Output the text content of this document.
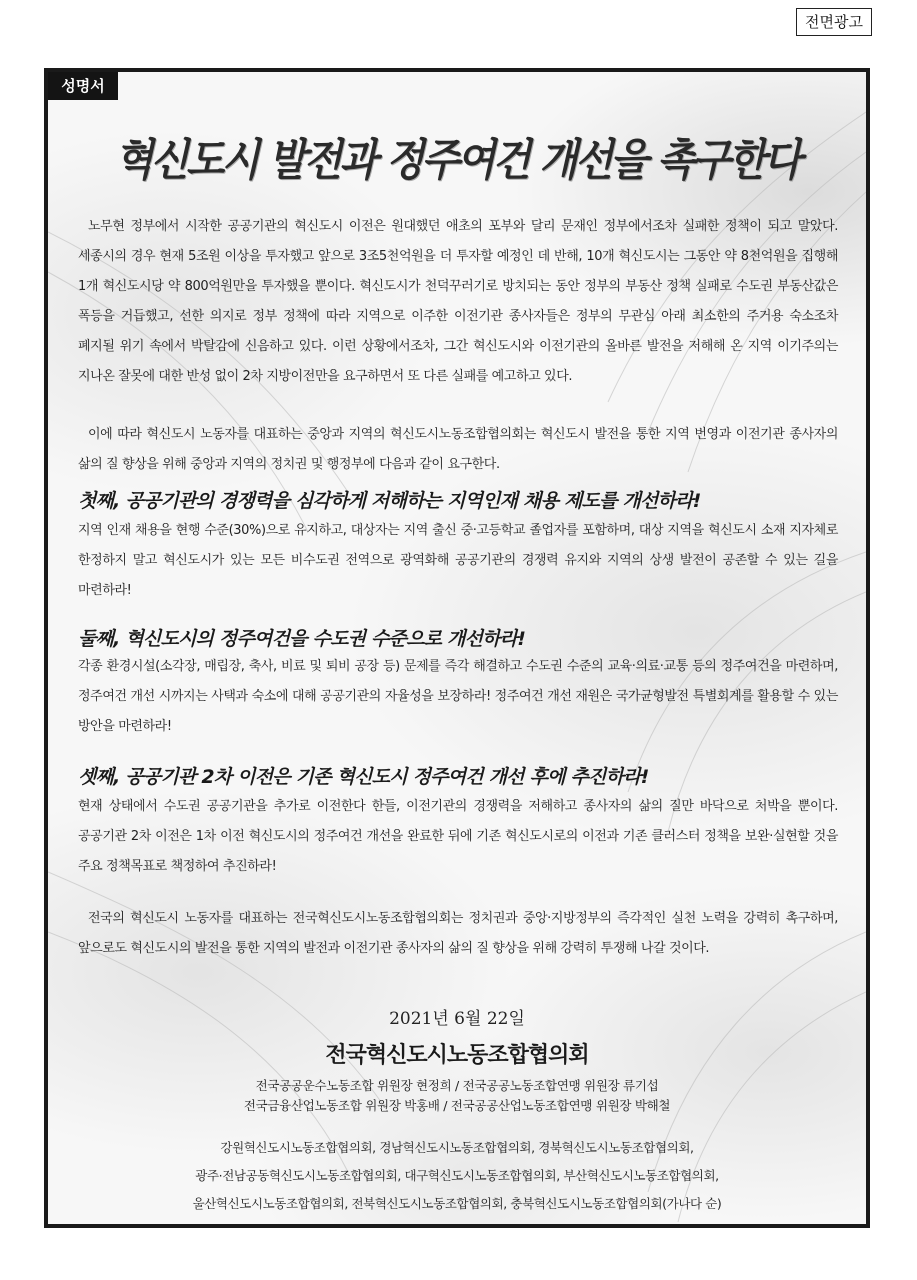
전면광고
성명서
혁신도시 발전과 정주여건 개선을 촉구한다
노무현 정부에서 시작한 공공기관의 혁신도시 이전은 원대했던 애초의 포부와 달리 문재인 정부에서조차 실패한 정책이 되고 말았다. 세종시의 경우 현재 5조원 이상을 투자했고 앞으로 3조5천억원을 더 투자할 예정인 데 반해, 10개 혁신도시는 그동안 약 8천억원을 집행해 1개 혁신도시당 약 800억원만을 투자했을 뿐이다. 혁신도시가 천덕꾸러기로 방치되는 동안 정부의 부동산 정책 실패로 수도권 부동산값은 폭등을 거듭했고, 선한 의지로 정부 정책에 따라 지역으로 이주한 이전기관 종사자들은 정부의 무관심 아래 최소한의 주거용 숙소조차 폐지될 위기 속에서 박탈감에 신음하고 있다. 이런 상황에서조차, 그간 혁신도시와 이전기관의 올바른 발전을 저해해 온 지역 이기주의는 지나온 잘못에 대한 반성 없이 2차 지방이전만을 요구하면서 또 다른 실패를 예고하고 있다.
이에 따라 혁신도시 노동자를 대표하는 중앙과 지역의 혁신도시노동조합협의회는 혁신도시 발전을 통한 지역 번영과 이전기관 종사자의 삶의 질 향상을 위해 중앙과 지역의 정치권 및 행정부에 다음과 같이 요구한다.
첫째, 공공기관의 경쟁력을 심각하게 저해하는 지역인재 채용 제도를 개선하라!
지역 인재 채용을 현행 수준(30%)으로 유지하고, 대상자는 지역 출신 중·고등학교 졸업자를 포함하며, 대상 지역을 혁신도시 소재 지자체로 한정하지 말고 혁신도시가 있는 모든 비수도권 전역으로 광역화해 공공기관의 경쟁력 유지와 지역의 상생 발전이 공존할 수 있는 길을 마련하라!
둘째, 혁신도시의 정주여건을 수도권 수준으로 개선하라!
각종 환경시설(소각장, 매립장, 축사, 비료 및 퇴비 공장 등) 문제를 즉각 해결하고 수도권 수준의 교육·의료·교통 등의 정주여건을 마련하며, 정주여건 개선 시까지는 사택과 숙소에 대해 공공기관의 자율성을 보장하라! 정주여건 개선 재원은 국가균형발전 특별회계를 활용할 수 있는 방안을 마련하라!
셋째, 공공기관 2차 이전은 기존 혁신도시 정주여건 개선 후에 추진하라!
현재 상태에서 수도권 공공기관을 추가로 이전한다 한들, 이전기관의 경쟁력을 저해하고 종사자의 삶의 질만 바닥으로 처박을 뿐이다. 공공기관 2차 이전은 1차 이전 혁신도시의 정주여건 개선을 완료한 뒤에 기존 혁신도시로의 이전과 기존 클러스터 정책을 보완·실현할 것을 주요 정책목표로 책정하여 추진하라!
전국의 혁신도시 노동자를 대표하는 전국혁신도시노동조합협의회는 정치권과 중앙·지방정부의 즉각적인 실천 노력을 강력히 촉구하며, 앞으로도 혁신도시의 발전을 통한 지역의 발전과 이전기관 종사자의 삶의 질 향상을 위해 강력히 투쟁해 나갈 것이다.
2021년 6월 22일
전국혁신도시노동조합협의회
전국공공운수노동조합 위원장 현정희 / 전국공공노동조합연맹 위원장 류기섭
전국금융산업노동조합 위원장 박홍배 / 전국공공산업노동조합연맹 위원장 박해철
강원혁신도시노동조합협의회, 경남혁신도시노동조합협의회, 경북혁신도시노동조합협의회,
광주·전남공동혁신도시노동조합협의회, 대구혁신도시노동조합협의회, 부산혁신도시노동조합협의회,
울산혁신도시노동조합협의회, 전북혁신도시노동조합협의회, 충북혁신도시노동조합협의회(가나다 순)
